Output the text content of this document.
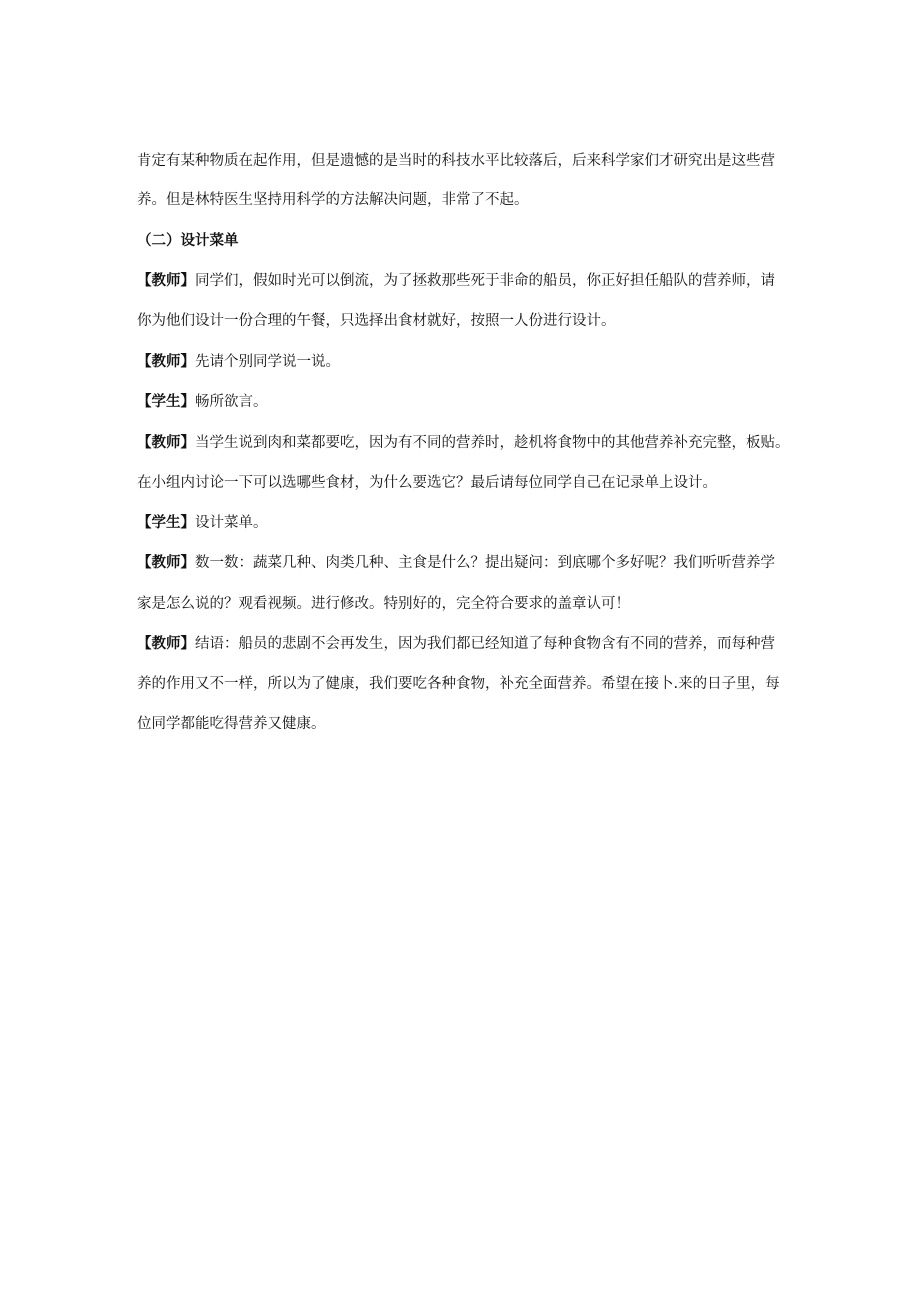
肯定有某种物质在起作用，但是遗憾的是当时的科技水平比较落后，后来科学家们才研究出是这些营
养。但是林特医生坚持用科学的方法解决问题，非常了不起。
（二）设计菜单
【教师】同学们，假如时光可以倒流，为了拯救那些死于非命的船员，你正好担任船队的营养师，请
你为他们设计一份合理的午餐，只选择出食材就好，按照一人份进行设计。
【教师】先请个别同学说一说。
【学生】畅所欲言。
【教师】当学生说到肉和菜都要吃，因为有不同的营养时，趁机将食物中的其他营养补充完整，板贴。
在小组内讨论一下可以选哪些食材，为什么要选它？最后请每位同学自己在记录单上设计。
【学生】设计菜单。
【教师】数一数：蔬菜几种、肉类几种、主食是什么？提出疑问：到底哪个多好呢？我们听听营养学
家是怎么说的？观看视频。进行修改。特别好的，完全符合要求的盖章认可！
【教师】结语：船员的悲剧不会再发生，因为我们都已经知道了每种食物含有不同的营养，而每种营
养的作用又不一样，所以为了健康，我们要吃各种食物，补充全面营养。希望在接卜.来的日子里，每
位同学都能吃得营养又健康。
